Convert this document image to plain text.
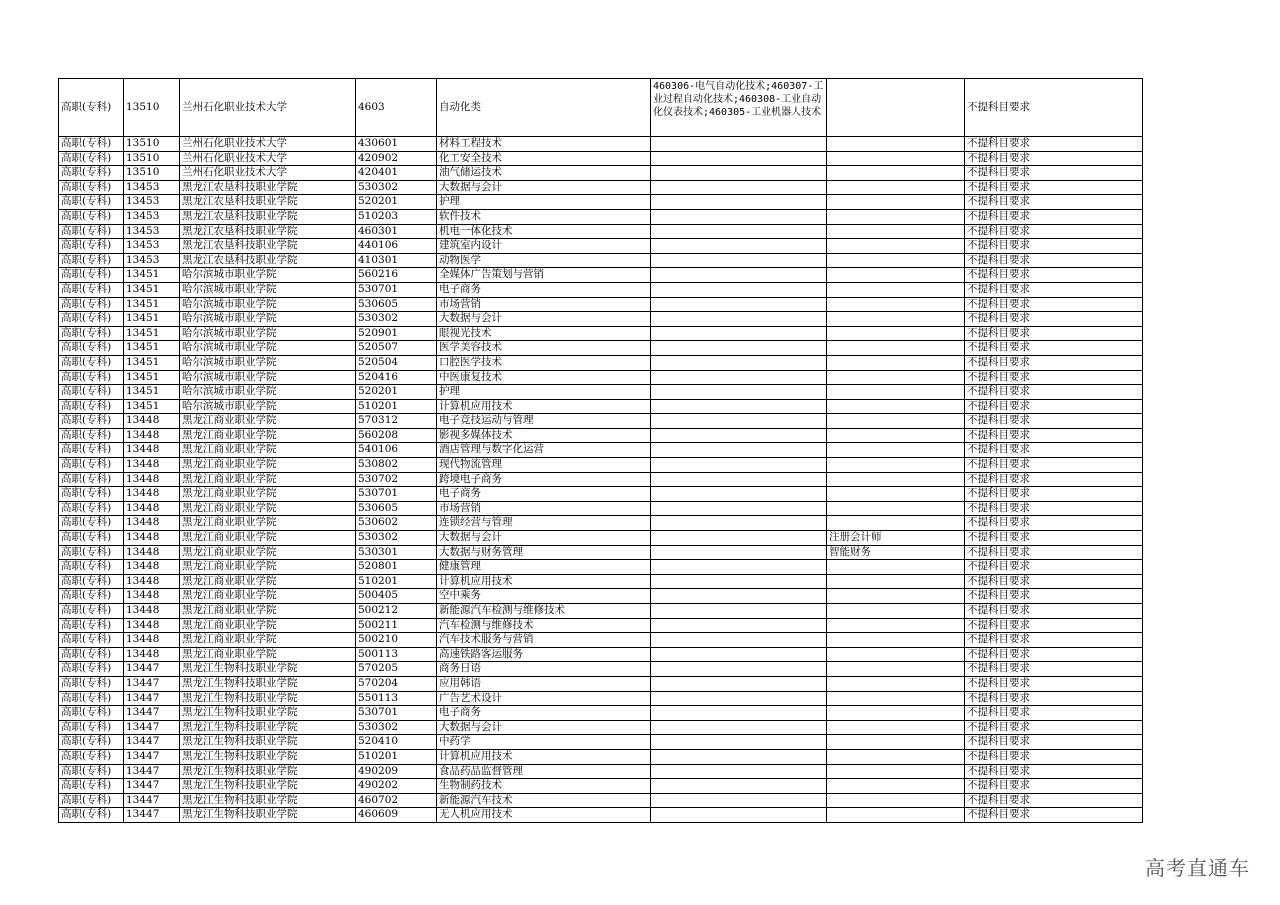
高职(专科)	13510	兰州石化职业技术大学	4603	自动化类	460306-电气自动化技术;460307-工业过程自动化技术;460308-工业自动化仪表技术;460305-工业机器人技术		不提科目要求
高职(专科)	13510	兰州石化职业技术大学	430601	材料工程技术			不提科目要求
高职(专科)	13510	兰州石化职业技术大学	420902	化工安全技术			不提科目要求
高职(专科)	13510	兰州石化职业技术大学	420401	油气储运技术			不提科目要求
高职(专科)	13453	黑龙江农垦科技职业学院	530302	大数据与会计			不提科目要求
高职(专科)	13453	黑龙江农垦科技职业学院	520201	护理			不提科目要求
高职(专科)	13453	黑龙江农垦科技职业学院	510203	软件技术			不提科目要求
高职(专科)	13453	黑龙江农垦科技职业学院	460301	机电一体化技术			不提科目要求
高职(专科)	13453	黑龙江农垦科技职业学院	440106	建筑室内设计			不提科目要求
高职(专科)	13453	黑龙江农垦科技职业学院	410301	动物医学			不提科目要求
高职(专科)	13451	哈尔滨城市职业学院	560216	全媒体广告策划与营销			不提科目要求
高职(专科)	13451	哈尔滨城市职业学院	530701	电子商务			不提科目要求
高职(专科)	13451	哈尔滨城市职业学院	530605	市场营销			不提科目要求
高职(专科)	13451	哈尔滨城市职业学院	530302	大数据与会计			不提科目要求
高职(专科)	13451	哈尔滨城市职业学院	520901	眼视光技术			不提科目要求
高职(专科)	13451	哈尔滨城市职业学院	520507	医学美容技术			不提科目要求
高职(专科)	13451	哈尔滨城市职业学院	520504	口腔医学技术			不提科目要求
高职(专科)	13451	哈尔滨城市职业学院	520416	中医康复技术			不提科目要求
高职(专科)	13451	哈尔滨城市职业学院	520201	护理			不提科目要求
高职(专科)	13451	哈尔滨城市职业学院	510201	计算机应用技术			不提科目要求
高职(专科)	13448	黑龙江商业职业学院	570312	电子竞技运动与管理			不提科目要求
高职(专科)	13448	黑龙江商业职业学院	560208	影视多媒体技术			不提科目要求
高职(专科)	13448	黑龙江商业职业学院	540106	酒店管理与数字化运营			不提科目要求
高职(专科)	13448	黑龙江商业职业学院	530802	现代物流管理			不提科目要求
高职(专科)	13448	黑龙江商业职业学院	530702	跨境电子商务			不提科目要求
高职(专科)	13448	黑龙江商业职业学院	530701	电子商务			不提科目要求
高职(专科)	13448	黑龙江商业职业学院	530605	市场营销			不提科目要求
高职(专科)	13448	黑龙江商业职业学院	530602	连锁经营与管理			不提科目要求
高职(专科)	13448	黑龙江商业职业学院	530302	大数据与会计		注册会计师	不提科目要求
高职(专科)	13448	黑龙江商业职业学院	530301	大数据与财务管理		智能财务	不提科目要求
高职(专科)	13448	黑龙江商业职业学院	520801	健康管理			不提科目要求
高职(专科)	13448	黑龙江商业职业学院	510201	计算机应用技术			不提科目要求
高职(专科)	13448	黑龙江商业职业学院	500405	空中乘务			不提科目要求
高职(专科)	13448	黑龙江商业职业学院	500212	新能源汽车检测与维修技术			不提科目要求
高职(专科)	13448	黑龙江商业职业学院	500211	汽车检测与维修技术			不提科目要求
高职(专科)	13448	黑龙江商业职业学院	500210	汽车技术服务与营销			不提科目要求
高职(专科)	13448	黑龙江商业职业学院	500113	高速铁路客运服务			不提科目要求
高职(专科)	13447	黑龙江生物科技职业学院	570205	商务日语			不提科目要求
高职(专科)	13447	黑龙江生物科技职业学院	570204	应用韩语			不提科目要求
高职(专科)	13447	黑龙江生物科技职业学院	550113	广告艺术设计			不提科目要求
高职(专科)	13447	黑龙江生物科技职业学院	530701	电子商务			不提科目要求
高职(专科)	13447	黑龙江生物科技职业学院	530302	大数据与会计			不提科目要求
高职(专科)	13447	黑龙江生物科技职业学院	520410	中药学			不提科目要求
高职(专科)	13447	黑龙江生物科技职业学院	510201	计算机应用技术			不提科目要求
高职(专科)	13447	黑龙江生物科技职业学院	490209	食品药品监督管理			不提科目要求
高职(专科)	13447	黑龙江生物科技职业学院	490202	生物制药技术			不提科目要求
高职(专科)	13447	黑龙江生物科技职业学院	460702	新能源汽车技术			不提科目要求
高职(专科)	13447	黑龙江生物科技职业学院	460609	无人机应用技术			不提科目要求
高考直通车
